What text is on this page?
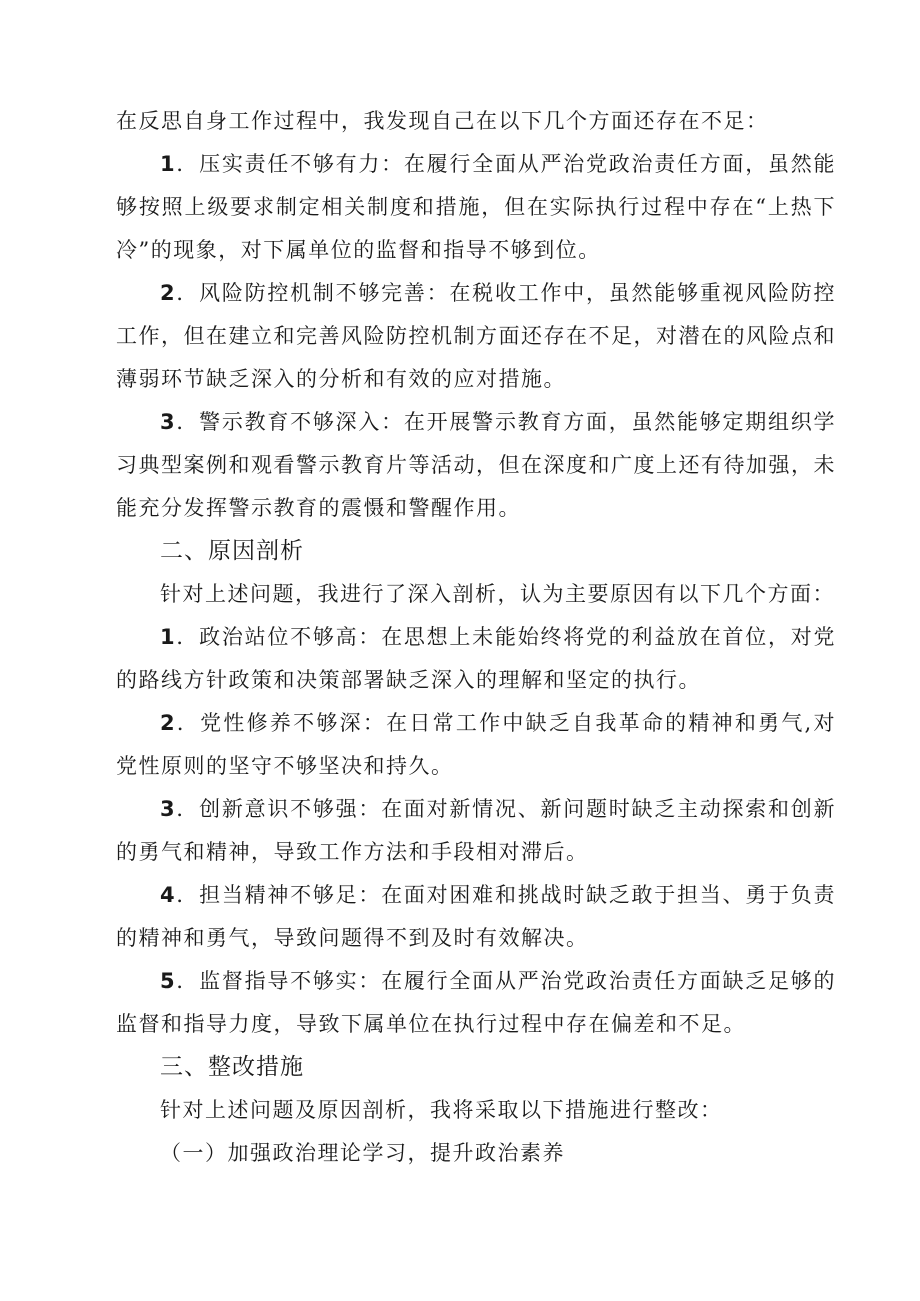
在反思自身工作过程中，我发现自己在以下几个方面还存在不足：

1．压实责任不够有力：在履行全面从严治党政治责任方面，虽然能够按照上级要求制定相关制度和措施，但在实际执行过程中存在“上热下冷”的现象，对下属单位的监督和指导不够到位。

2．风险防控机制不够完善：在税收工作中，虽然能够重视风险防控工作，但在建立和完善风险防控机制方面还存在不足，对潜在的风险点和薄弱环节缺乏深入的分析和有效的应对措施。

3．警示教育不够深入：在开展警示教育方面，虽然能够定期组织学习典型案例和观看警示教育片等活动，但在深度和广度上还有待加强，未能充分发挥警示教育的震慑和警醒作用。

二、原因剖析

针对上述问题，我进行了深入剖析，认为主要原因有以下几个方面：

1．政治站位不够高：在思想上未能始终将党的利益放在首位，对党的路线方针政策和决策部署缺乏深入的理解和坚定的执行。

2．党性修养不够深：在日常工作中缺乏自我革命的精神和勇气,对党性原则的坚守不够坚决和持久。

3．创新意识不够强：在面对新情况、新问题时缺乏主动探索和创新的勇气和精神，导致工作方法和手段相对滞后。

4．担当精神不够足：在面对困难和挑战时缺乏敢于担当、勇于负责的精神和勇气，导致问题得不到及时有效解决。

5．监督指导不够实：在履行全面从严治党政治责任方面缺乏足够的监督和指导力度，导致下属单位在执行过程中存在偏差和不足。

三、整改措施

针对上述问题及原因剖析，我将采取以下措施进行整改：

（一）加强政治理论学习，提升政治素养
